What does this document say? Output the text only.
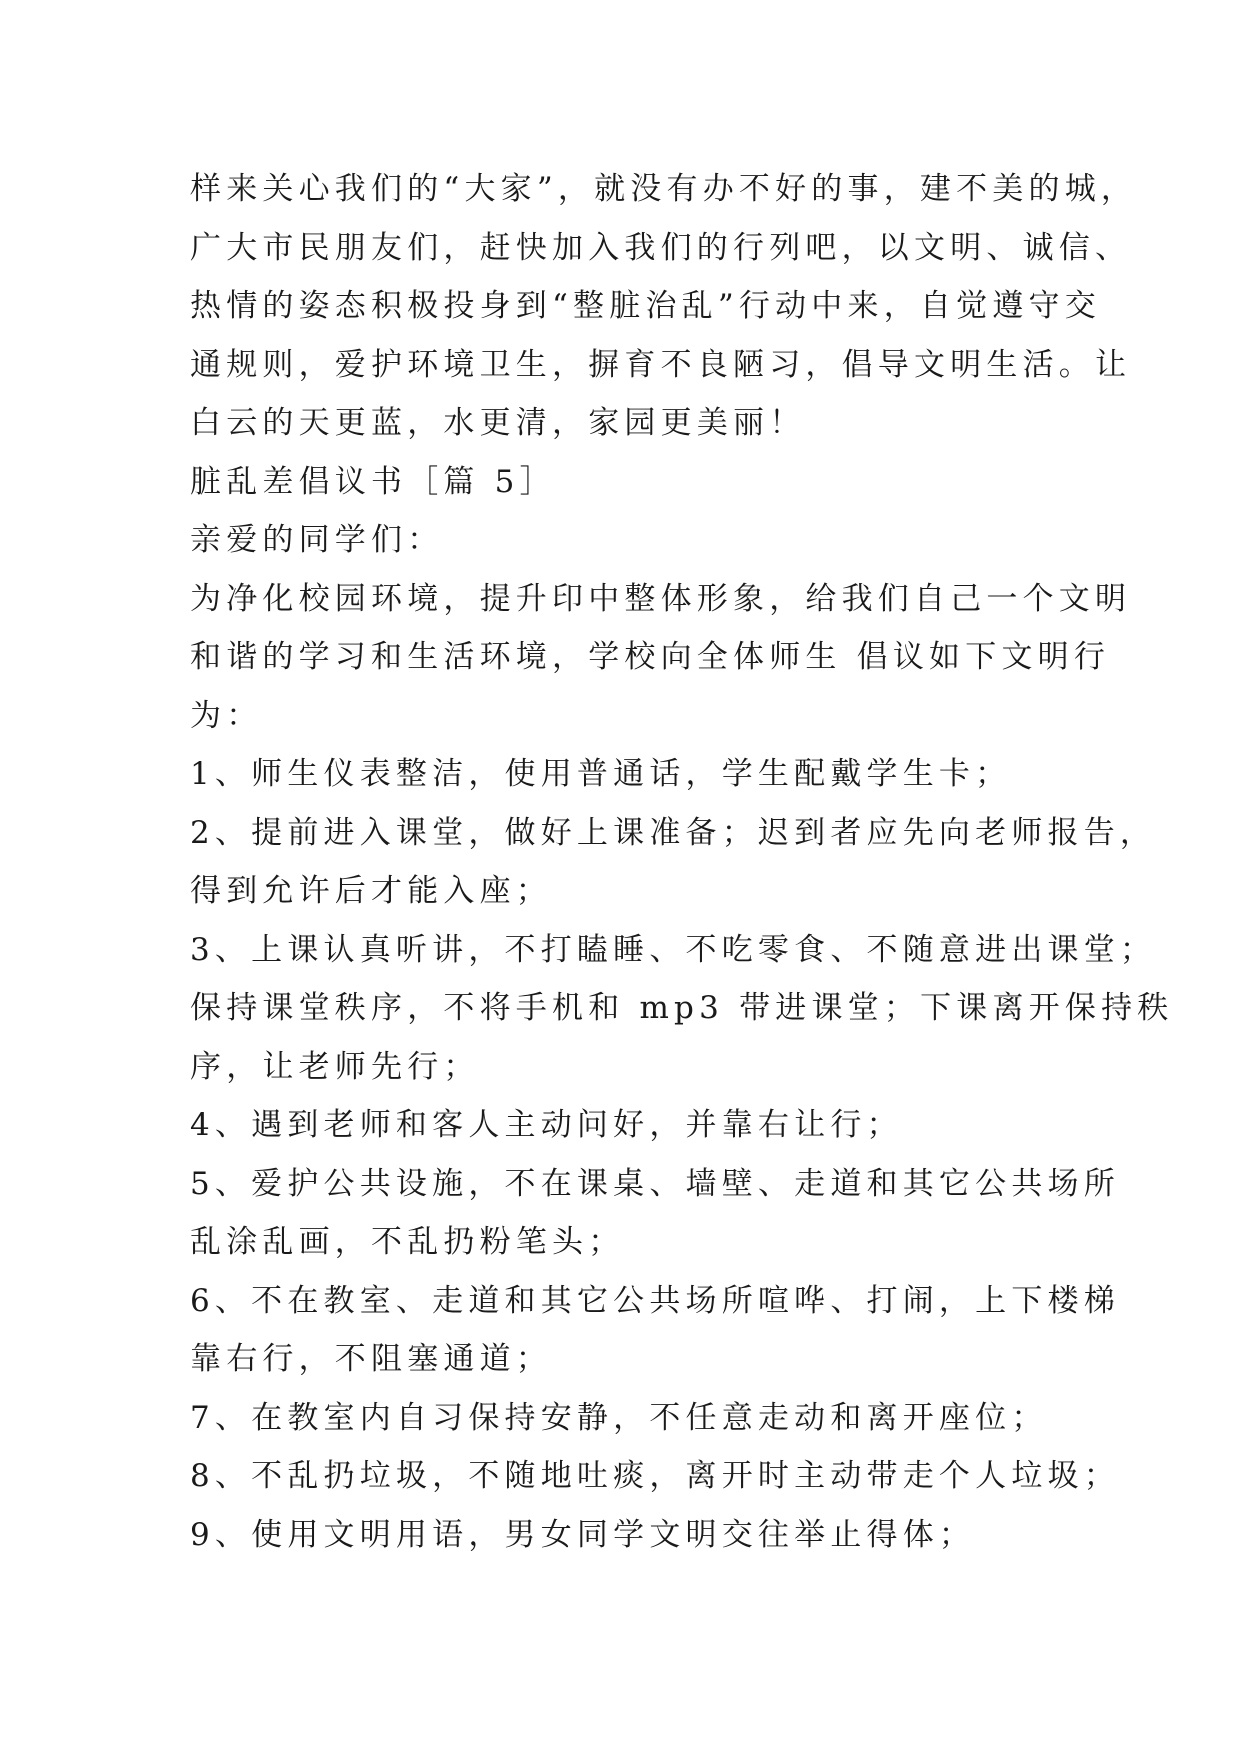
样来关心我们的“大家”，就没有办不好的事，建不美的城，
广大市民朋友们，赶快加入我们的行列吧，以文明、诚信、
热情的姿态积极投身到“整脏治乱”行动中来，自觉遵守交
通规则，爱护环境卫生，摒育不良陋习，倡导文明生活。让
白云的天更蓝，水更清，家园更美丽！
脏乱差倡议书［篇 5］
亲爱的同学们：
为净化校园环境，提升印中整体形象，给我们自己一个文明
和谐的学习和生活环境，学校向全体师生 倡议如下文明行
为：
1、师生仪表整洁，使用普通话，学生配戴学生卡；
2、提前进入课堂，做好上课准备；迟到者应先向老师报告，
得到允许后才能入座；
3、上课认真听讲，不打瞌睡、不吃零食、不随意进出课堂；
保持课堂秩序，不将手机和 mp3 带进课堂；下课离开保持秩
序，让老师先行；
4、遇到老师和客人主动问好，并靠右让行；
5、爱护公共设施，不在课桌、墙壁、走道和其它公共场所
乱涂乱画，不乱扔粉笔头；
6、不在教室、走道和其它公共场所喧哗、打闹，上下楼梯
靠右行，不阻塞通道；
7、在教室内自习保持安静，不任意走动和离开座位；
8、不乱扔垃圾，不随地吐痰，离开时主动带走个人垃圾；
9、使用文明用语，男女同学文明交往举止得体；
